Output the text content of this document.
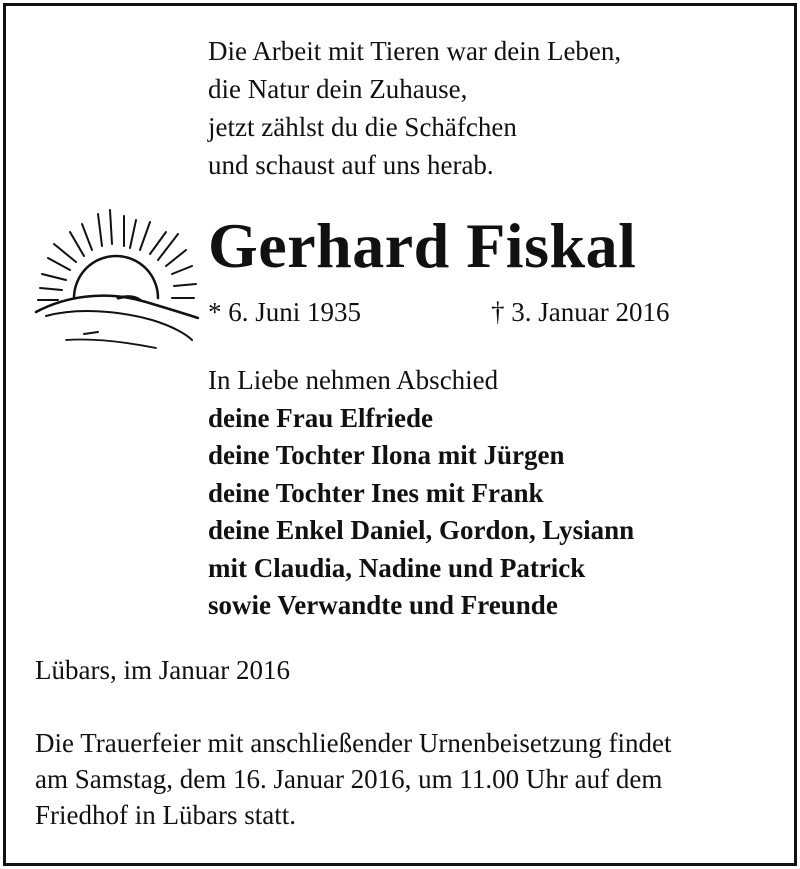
Die Arbeit mit Tieren war dein Leben,
die Natur dein Zuhause,
jetzt zählst du die Schäfchen
und schaust auf uns herab.
Gerhard Fiskal
* 6. Juni 1935	† 3. Januar 2016
In Liebe nehmen Abschied
deine Frau Elfriede
deine Tochter Ilona mit Jürgen
deine Tochter Ines mit Frank
deine Enkel Daniel, Gordon, Lysiann
mit Claudia, Nadine und Patrick
sowie Verwandte und Freunde
Lübars, im Januar 2016
Die Trauerfeier mit anschließender Urnenbeisetzung findet
am Samstag, dem 16. Januar 2016, um 11.00 Uhr auf dem
Friedhof in Lübars statt.
